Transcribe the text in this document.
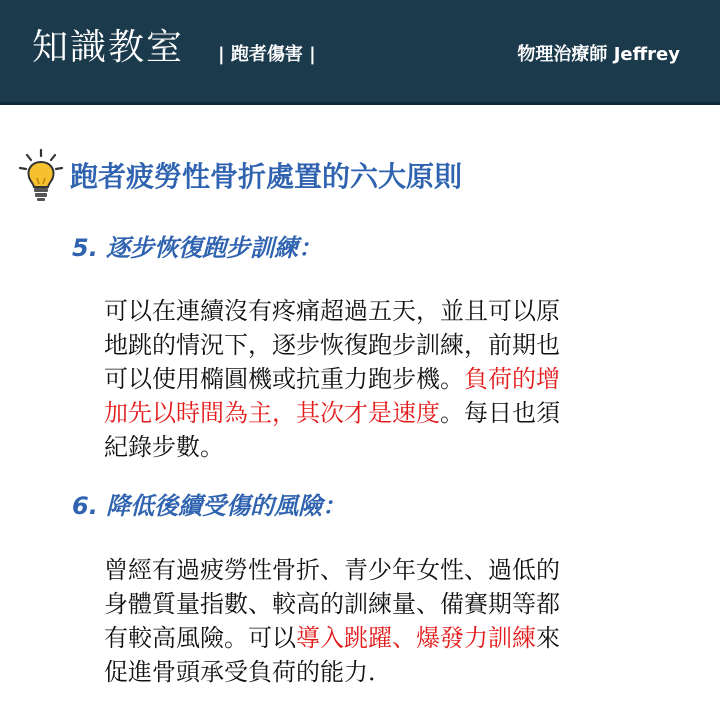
知識教室 | 跑者傷害 |	物理治療師 Jeffrey
跑者疲勞性骨折處置的六大原則
5. 逐步恢復跑步訓練：
可以在連續沒有疼痛超過五天，並且可以原
地跳的情況下，逐步恢復跑步訓練，前期也
可以使用橢圓機或抗重力跑步機。負荷的增
加先以時間為主，其次才是速度。每日也須
紀錄步數。
6. 降低後續受傷的風險：
曾經有過疲勞性骨折、青少年女性、過低的
身體質量指數、較高的訓練量、備賽期等都
有較高風險。可以導入跳躍、爆發力訓練來
促進骨頭承受負荷的能力．
